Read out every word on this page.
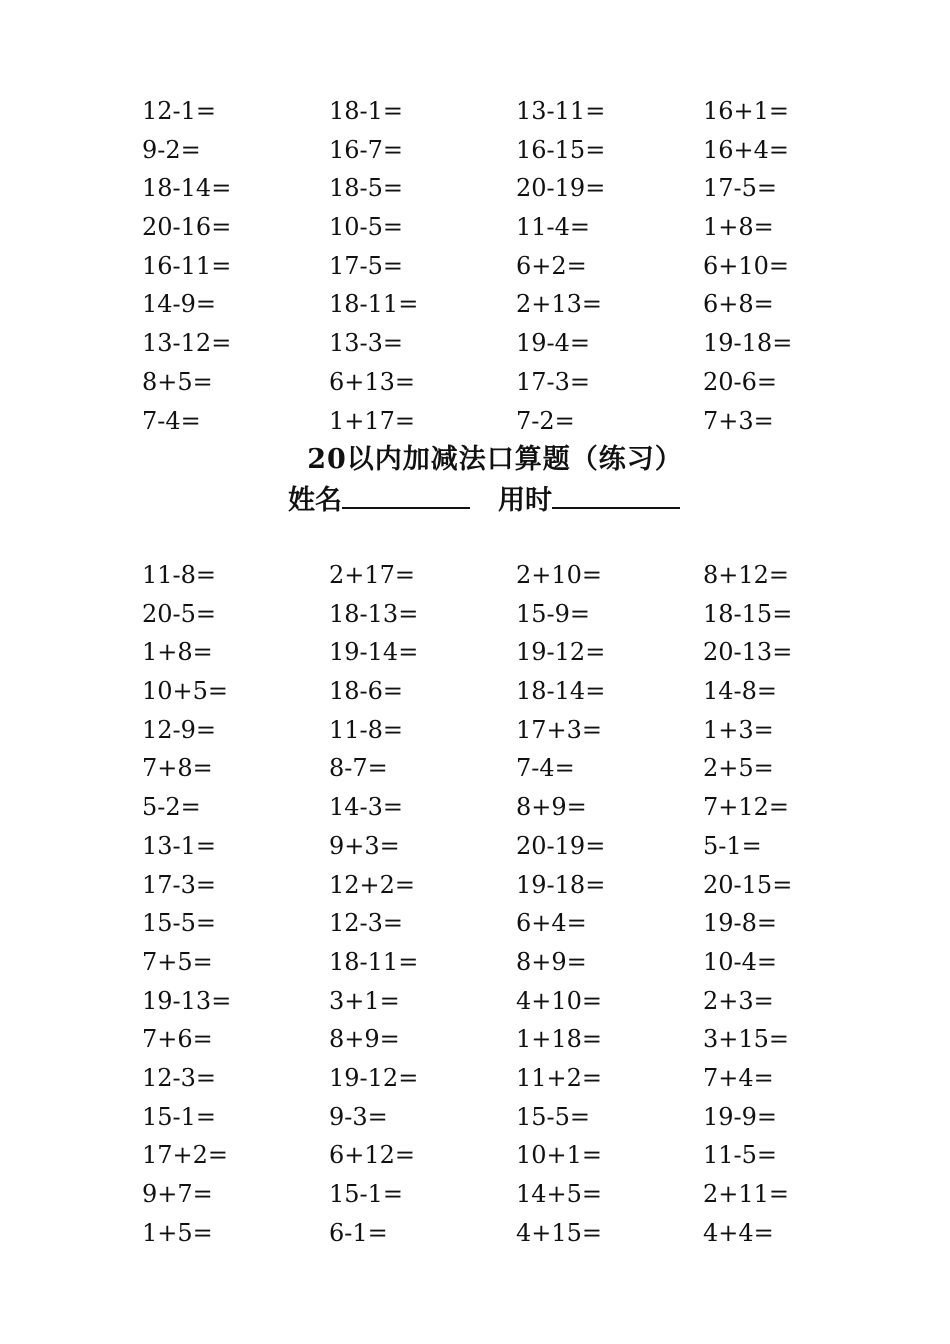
12-1=	18-1=	13-11=	16+1=
9-2=	16-7=	16-15=	16+4=
18-14=	18-5=	20-19=	17-5=
20-16=	10-5=	11-4=	1+8=
16-11=	17-5=	6+2=	6+10=
14-9=	18-11=	2+13=	6+8=
13-12=	13-3=	19-4=	19-18=
8+5=	6+13=	17-3=	20-6=
7-4=	1+17=	7-2=	7+3=
20以内加减法口算题（练习）
姓名	用时
11-8=	2+17=	2+10=	8+12=
20-5=	18-13=	15-9=	18-15=
1+8=	19-14=	19-12=	20-13=
10+5=	18-6=	18-14=	14-8=
12-9=	11-8=	17+3=	1+3=
7+8=	8-7=	7-4=	2+5=
5-2=	14-3=	8+9=	7+12=
13-1=	9+3=	20-19=	5-1=
17-3=	12+2=	19-18=	20-15=
15-5=	12-3=	6+4=	19-8=
7+5=	18-11=	8+9=	10-4=
19-13=	3+1=	4+10=	2+3=
7+6=	8+9=	1+18=	3+15=
12-3=	19-12=	11+2=	7+4=
15-1=	9-3=	15-5=	19-9=
17+2=	6+12=	10+1=	11-5=
9+7=	15-1=	14+5=	2+11=
1+5=	6-1=	4+15=	4+4=
